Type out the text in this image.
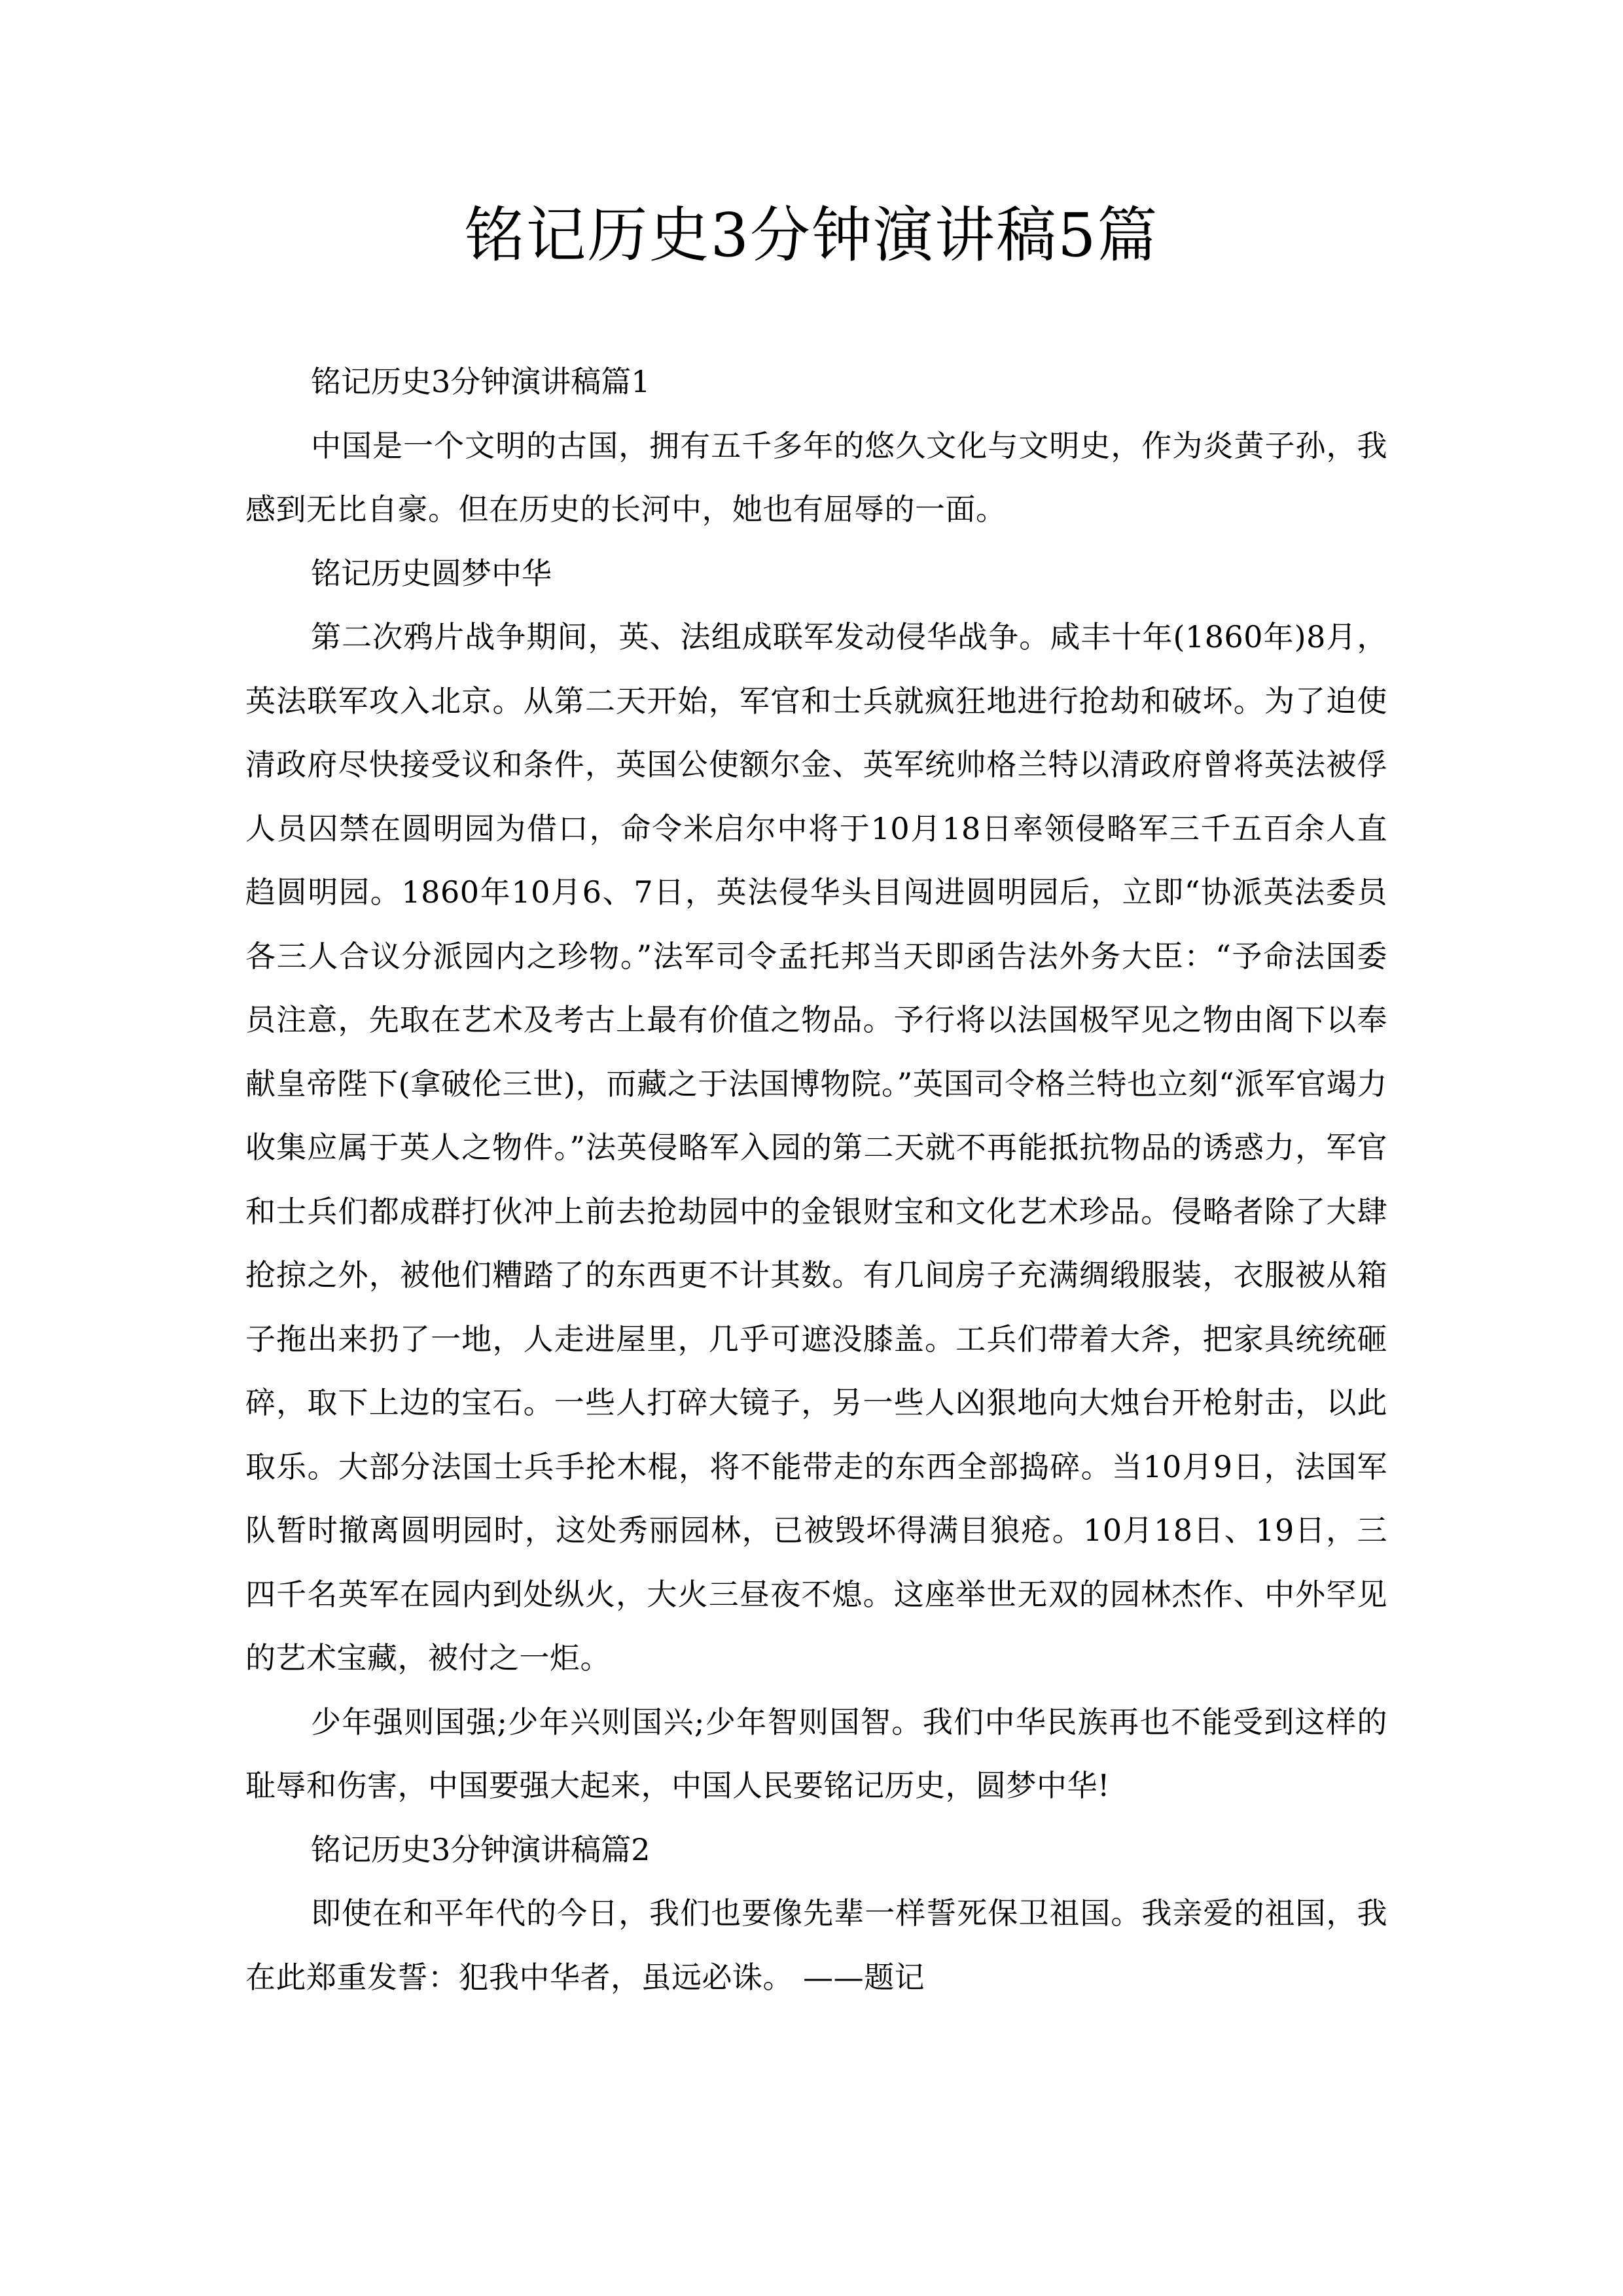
铭记历史3分钟演讲稿5篇

铭记历史3分钟演讲稿篇1

中国是一个文明的古国，拥有五千多年的悠久文化与文明史，作为炎黄子孙，我感到无比自豪。但在历史的长河中，她也有屈辱的一面。

铭记历史圆梦中华

第二次鸦片战争期间，英、法组成联军发动侵华战争。咸丰十年(1860年)8月，英法联军攻入北京。从第二天开始，军官和士兵就疯狂地进行抢劫和破坏。为了迫使清政府尽快接受议和条件，英国公使额尔金、英军统帅格兰特以清政府曾将英法被俘人员囚禁在圆明园为借口，命令米启尔中将于10月18日率领侵略军三千五百余人直趋圆明园。1860年10月6、7日，英法侵华头目闯进圆明园后，立即“协派英法委员各三人合议分派园内之珍物。”法军司令孟托邦当天即函告法外务大臣：“予命法国委员注意，先取在艺术及考古上最有价值之物品。予行将以法国极罕见之物由阁下以奉献皇帝陛下(拿破伦三世)，而藏之于法国博物院。”英国司令格兰特也立刻“派军官竭力收集应属于英人之物件。”法英侵略军入园的第二天就不再能抵抗物品的诱惑力，军官和士兵们都成群打伙冲上前去抢劫园中的金银财宝和文化艺术珍品。侵略者除了大肆抢掠之外，被他们糟踏了的东西更不计其数。有几间房子充满绸缎服装，衣服被从箱子拖出来扔了一地，人走进屋里，几乎可遮没膝盖。工兵们带着大斧，把家具统统砸碎，取下上边的宝石。一些人打碎大镜子，另一些人凶狠地向大烛台开枪射击，以此取乐。大部分法国士兵手抡木棍，将不能带走的东西全部捣碎。当10月9日，法国军队暂时撤离圆明园时，这处秀丽园林，已被毁坏得满目狼疮。10月18日、19日，三四千名英军在园内到处纵火，大火三昼夜不熄。这座举世无双的园林杰作、中外罕见的艺术宝藏，被付之一炬。

少年强则国强;少年兴则国兴;少年智则国智。我们中华民族再也不能受到这样的耻辱和伤害，中国要强大起来，中国人民要铭记历史，圆梦中华!

铭记历史3分钟演讲稿篇2

即使在和平年代的今日，我们也要像先辈一样誓死保卫祖国。我亲爱的祖国，我在此郑重发誓：犯我中华者，虽远必诛。 ——题记
